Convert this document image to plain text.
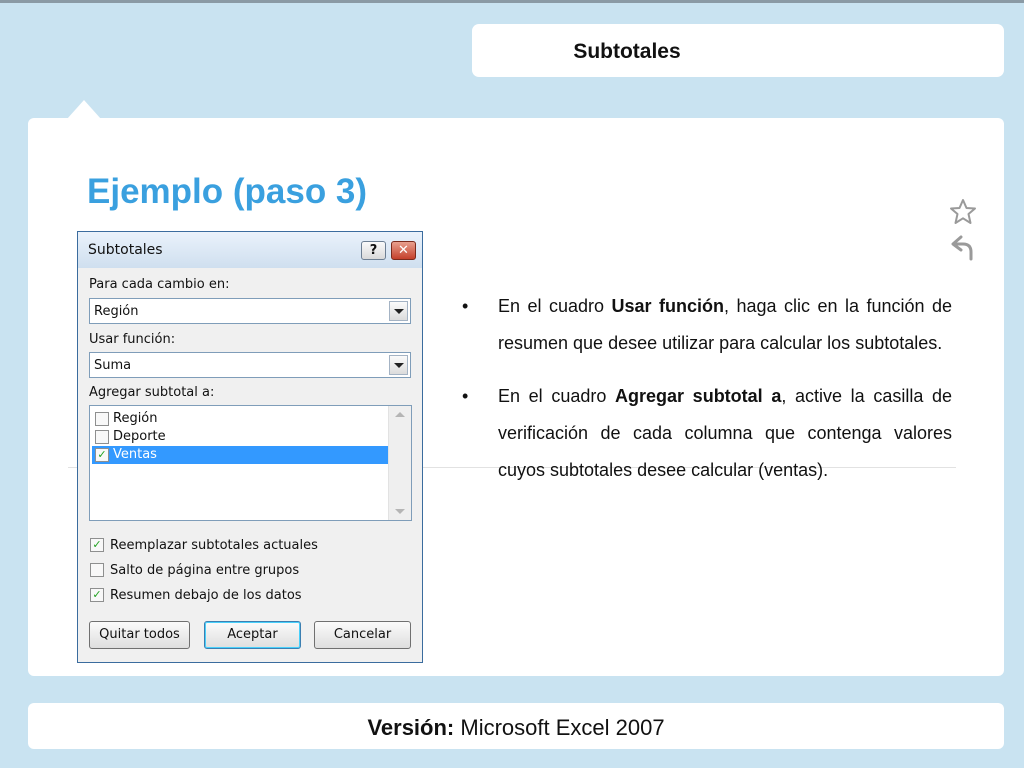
Subtotales
Ejemplo (paso 3)
Subtotales	?	✕
Para cada cambio en:
Región
Usar función:
Suma
Agregar subtotal a:
Región
Deporte
✓ Ventas
✓ Reemplazar subtotales actuales
Salto de página entre grupos
✓ Resumen debajo de los datos
Quitar todos	Aceptar	Cancelar
• En el cuadro Usar función, haga clic en la función de resumen que desee utilizar para calcular los subtotales.
• En el cuadro Agregar subtotal a, active la casilla de verificación de cada columna que contenga valores cuyos subtotales desee calcular (ventas).
Versión: Microsoft Excel 2007
